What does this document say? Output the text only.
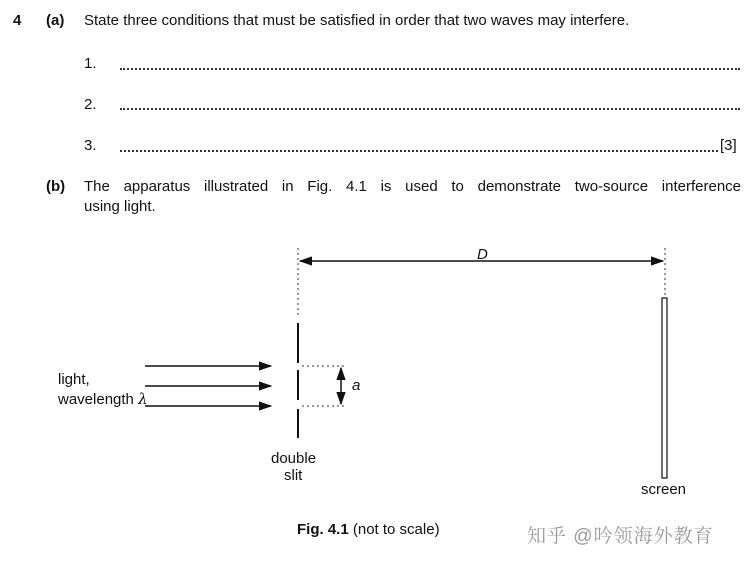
4 (a) State three conditions that must be satisfied in order that two waves may interfere.
1.
2.
3.	[3]
(b) The apparatus illustrated in Fig. 4.1 is used to demonstrate two-source interference
using light.
D
a
light,
wavelength λ
double
slit
screen
Fig. 4.1 (not to scale)	知乎 @吟领海外教育
